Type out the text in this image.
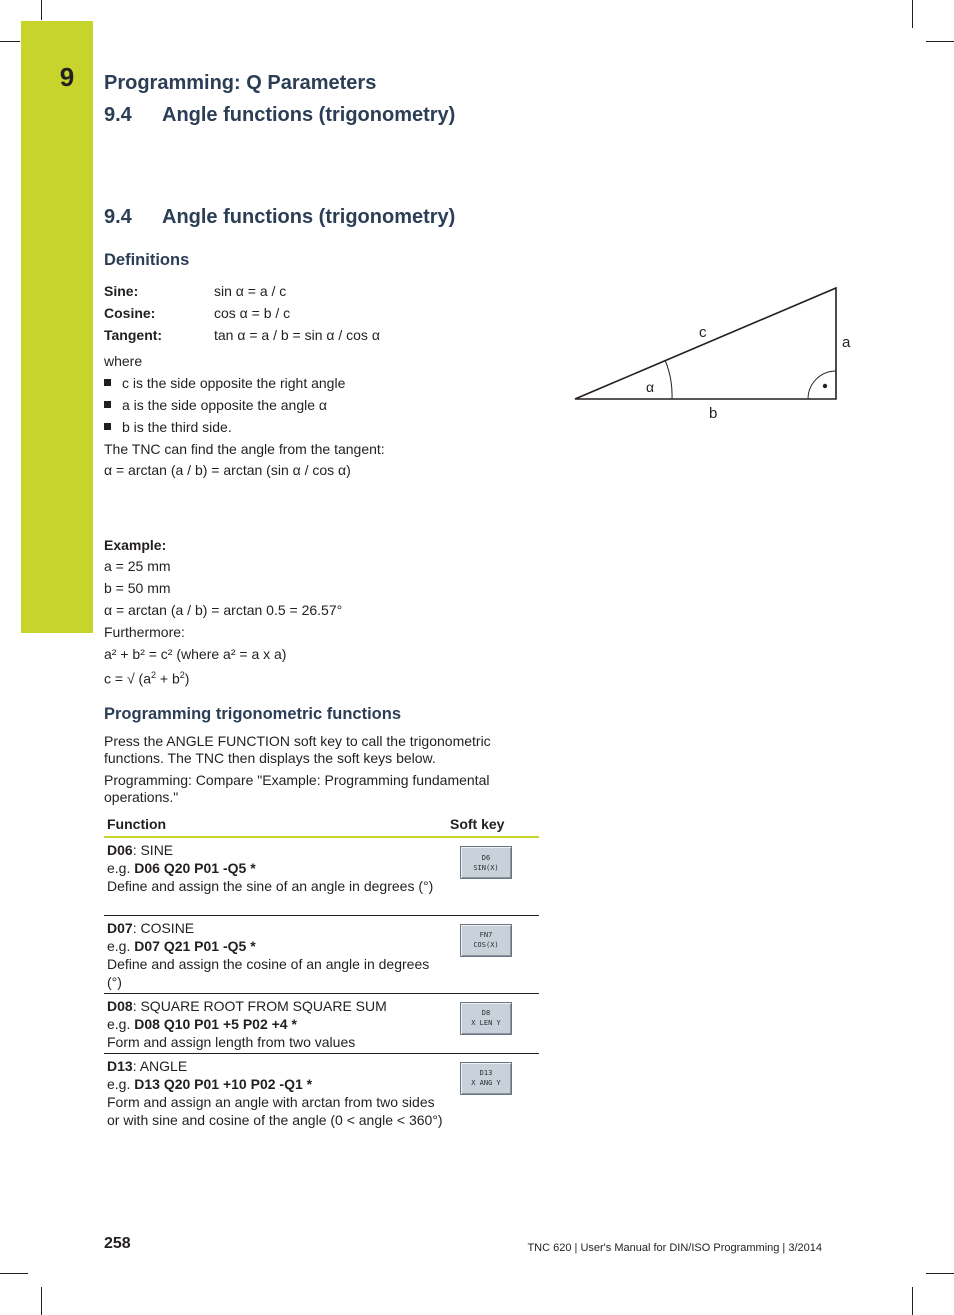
9	Programming: Q Parameters
9.4 Angle functions (trigonometry)
9.4 Angle functions (trigonometry)
Definitions
Sine:	sin α = a / c
Cosine:	cos α = b / c
Tangent:	tan α = a / b = sin α / cos α
where
c is the side opposite the right angle
a is the side opposite the angle α
b is the third side.
The TNC can find the angle from the tangent:
α = arctan (a / b) = arctan (sin α / cos α)
c
a
b
α
Example:
a = 25 mm
b = 50 mm
α = arctan (a / b) = arctan 0.5 = 26.57°
Furthermore:
a² + b² = c² (where a² = a x a)
c = √ $(a^2 + b^2)$
Programming trigonometric functions
Press the ANGLE FUNCTION soft key to call the trigonometric functions. The TNC then displays the soft keys below.
Programming: Compare "Example: Programming fundamental operations."
Function	Soft key
D06: SINE
e.g. D06 Q20 P01 -Q5 *
Define and assign the sine of an angle in degrees (°)	D6
SIN(X)

D07: COSINE
e.g. D07 Q21 P01 -Q5 *
Define and assign the cosine of an angle in degrees (°)	FN7
COS(X)

D08: SQUARE ROOT FROM SQUARE SUM
e.g. D08 Q10 P01 +5 P02 +4 *
Form and assign length from two values	D8
X LEN Y

D13: ANGLE
e.g. D13 Q20 P01 +10 P02 -Q1 *
Form and assign an angle with arctan from two sides or with sine and cosine of the angle (0 < angle < 360°)	D13
X ANG Y
258	TNC 620 | User's Manual for DIN/ISO Programming | 3/2014
